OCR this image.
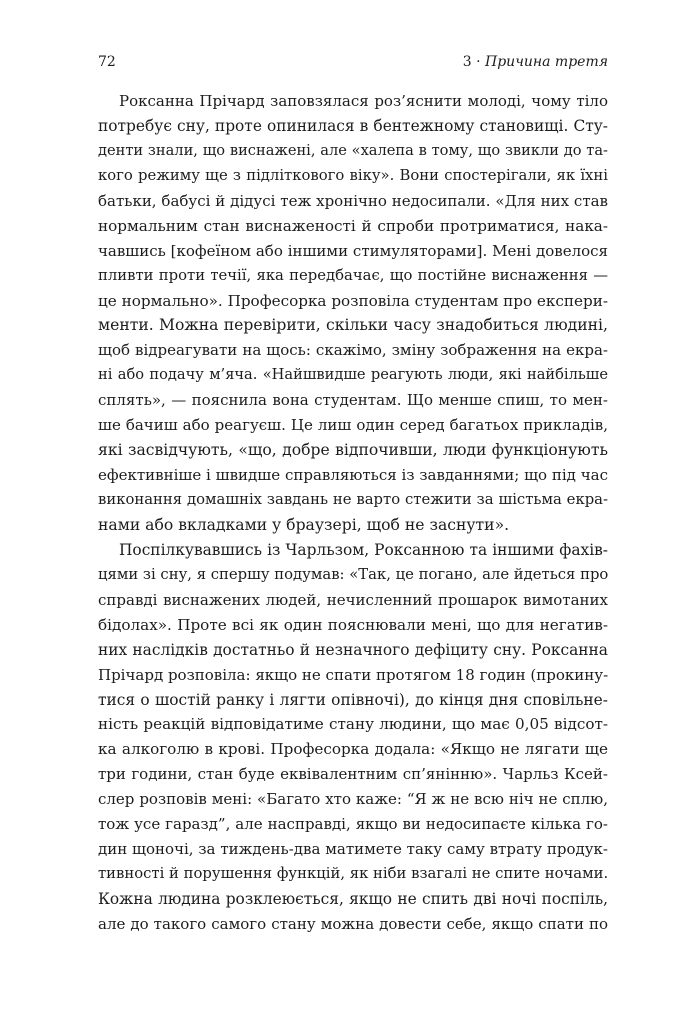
72	3 · Причина третя
Роксанна Прічард заповзялася роз’яснити молоді, чому тіло
потребує сну, проте опинилася в бентежному становищі. Сту-
денти знали, що виснажені, але «халепа в тому, що звикли до та-
кого режиму ще з підліткового віку». Вони спостерігали, як їхні
батьки, бабусі й дідусі теж хронічно недосипали. «Для них став
нормальним стан виснаженості й спроби протриматися, нака-
чавшись [кофеїном або іншими стимуляторами]. Мені довелося
пливти проти течії, яка передбачає, що постійне виснаження —
це нормально». Професорка розповіла студентам про експери-
менти. Можна перевірити, скільки часу знадобиться людині,
щоб відреагувати на щось: скажімо, зміну зображення на екра-
ні або подачу м’яча. «Найшвидше реагують люди, які найбільше
сплять», — пояснила вона студентам. Що менше спиш, то мен-
ше бачиш або реагуєш. Це лиш один серед багатьох прикладів,
які засвідчують, «що, добре відпочивши, люди функціонують
ефективніше і швидше справляються із завданнями; що під час
виконання домашніх завдань не варто стежити за шістьма екра-
нами або вкладками у браузері, щоб не заснути».
Поспілкувавшись із Чарльзом, Роксанною та іншими фахів-
цями зі сну, я спершу подумав: «Так, це погано, але йдеться про
справді виснажених людей, нечисленний прошарок вимотаних
бідолах». Проте всі як один пояснювали мені, що для негатив-
них наслідків достатньо й незначного дефіциту сну. Роксанна
Прічард розповіла: якщо не спати протягом 18 годин (прокину-
тися о шостій ранку і лягти опівночі), до кінця дня сповільне-
ність реакцій відповідатиме стану людини, що має 0,05 відсот-
ка алкоголю в крові. Професорка додала: «Якщо не лягати ще
три години, стан буде еквівалентним сп’янінню». Чарльз Ксей-
слер розповів мені: «Багато хто каже: “Я ж не всю ніч не сплю,
тож усе гаразд”, але насправді, якщо ви недосипаєте кілька го-
дин щоночі, за тиждень-два матимете таку саму втрату продук-
тивності й порушення функцій, як ніби взагалі не спите ночами.
Кожна людина розклеюється, якщо не спить дві ночі поспіль,
але до такого самого стану можна довести себе, якщо спати по
